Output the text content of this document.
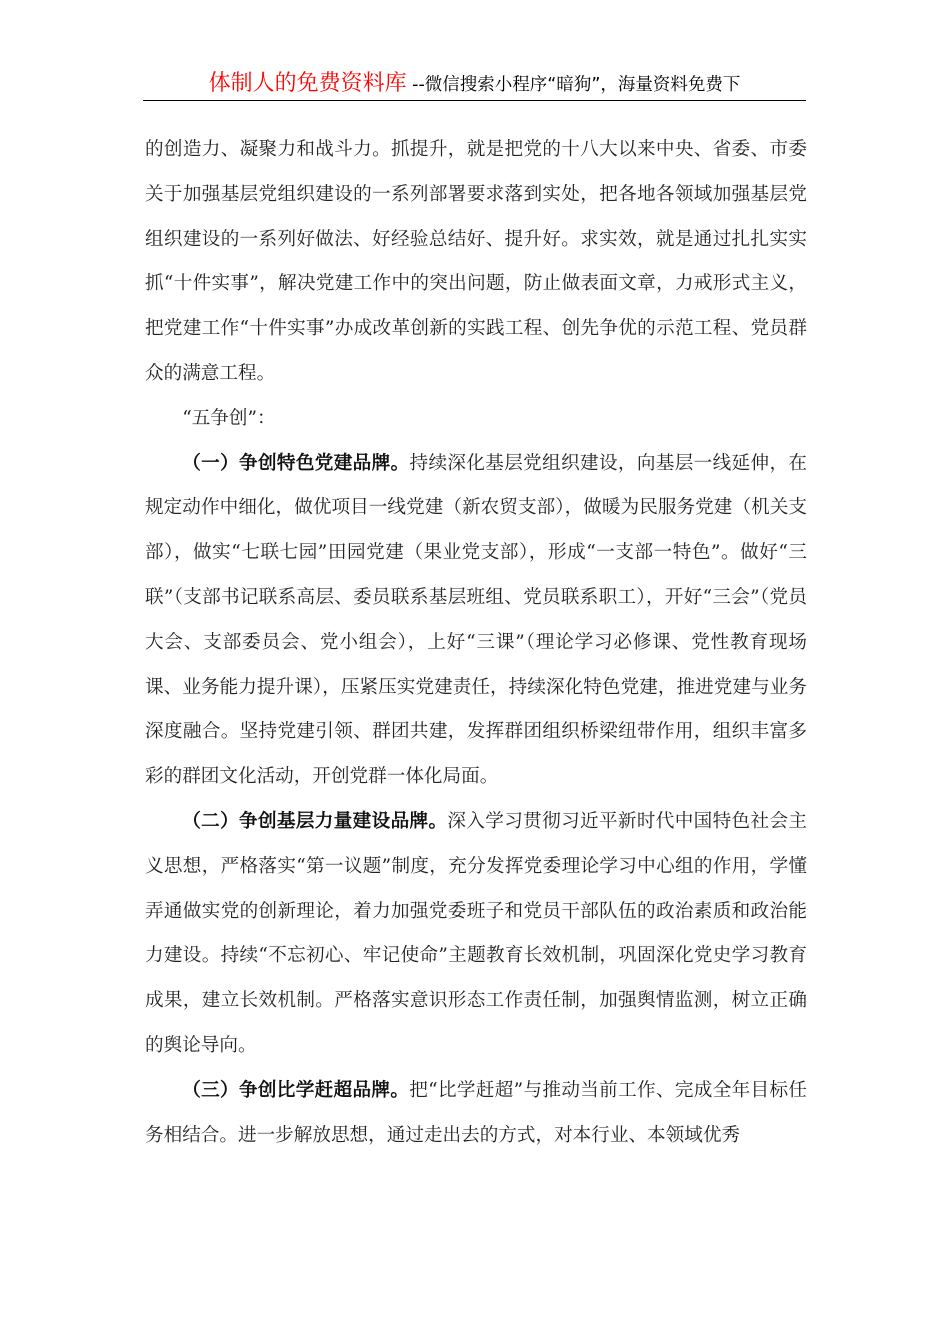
体制人的免费资料库 --微信搜索小程序“暗狗”，海量资料免费下

的创造力、凝聚力和战斗力。抓提升，就是把党的十八大以来中央、省委、市委关于加强基层党组织建设的一系列部署要求落到实处，把各地各领域加强基层党组织建设的一系列好做法、好经验总结好、提升好。求实效，就是通过扎扎实实抓“十件实事”，解决党建工作中的突出问题，防止做表面文章，力戒形式主义，把党建工作“十件实事”办成改革创新的实践工程、创先争优的示范工程、党员群众的满意工程。

“五争创”：

（一）争创特色党建品牌。持续深化基层党组织建设，向基层一线延伸，在规定动作中细化，做优项目一线党建（新农贸支部），做暖为民服务党建（机关支部），做实“七联七园”田园党建（果业党支部），形成“一支部一特色”。做好“三联”（支部书记联系高层、委员联系基层班组、党员联系职工），开好“三会”（党员大会、支部委员会、党小组会），上好“三课”（理论学习必修课、党性教育现场课、业务能力提升课），压紧压实党建责任，持续深化特色党建，推进党建与业务深度融合。坚持党建引领、群团共建，发挥群团组织桥梁纽带作用，组织丰富多彩的群团文化活动，开创党群一体化局面。

（二）争创基层力量建设品牌。深入学习贯彻习近平新时代中国特色社会主义思想，严格落实“第一议题”制度，充分发挥党委理论学习中心组的作用，学懂弄通做实党的创新理论，着力加强党委班子和党员干部队伍的政治素质和政治能力建设。持续“不忘初心、牢记使命”主题教育长效机制，巩固深化党史学习教育成果，建立长效机制。严格落实意识形态工作责任制，加强舆情监测，树立正确的舆论导向。

（三）争创比学赶超品牌。把“比学赶超”与推动当前工作、完成全年目标任务相结合。进一步解放思想，通过走出去的方式，对本行业、本领域优秀
